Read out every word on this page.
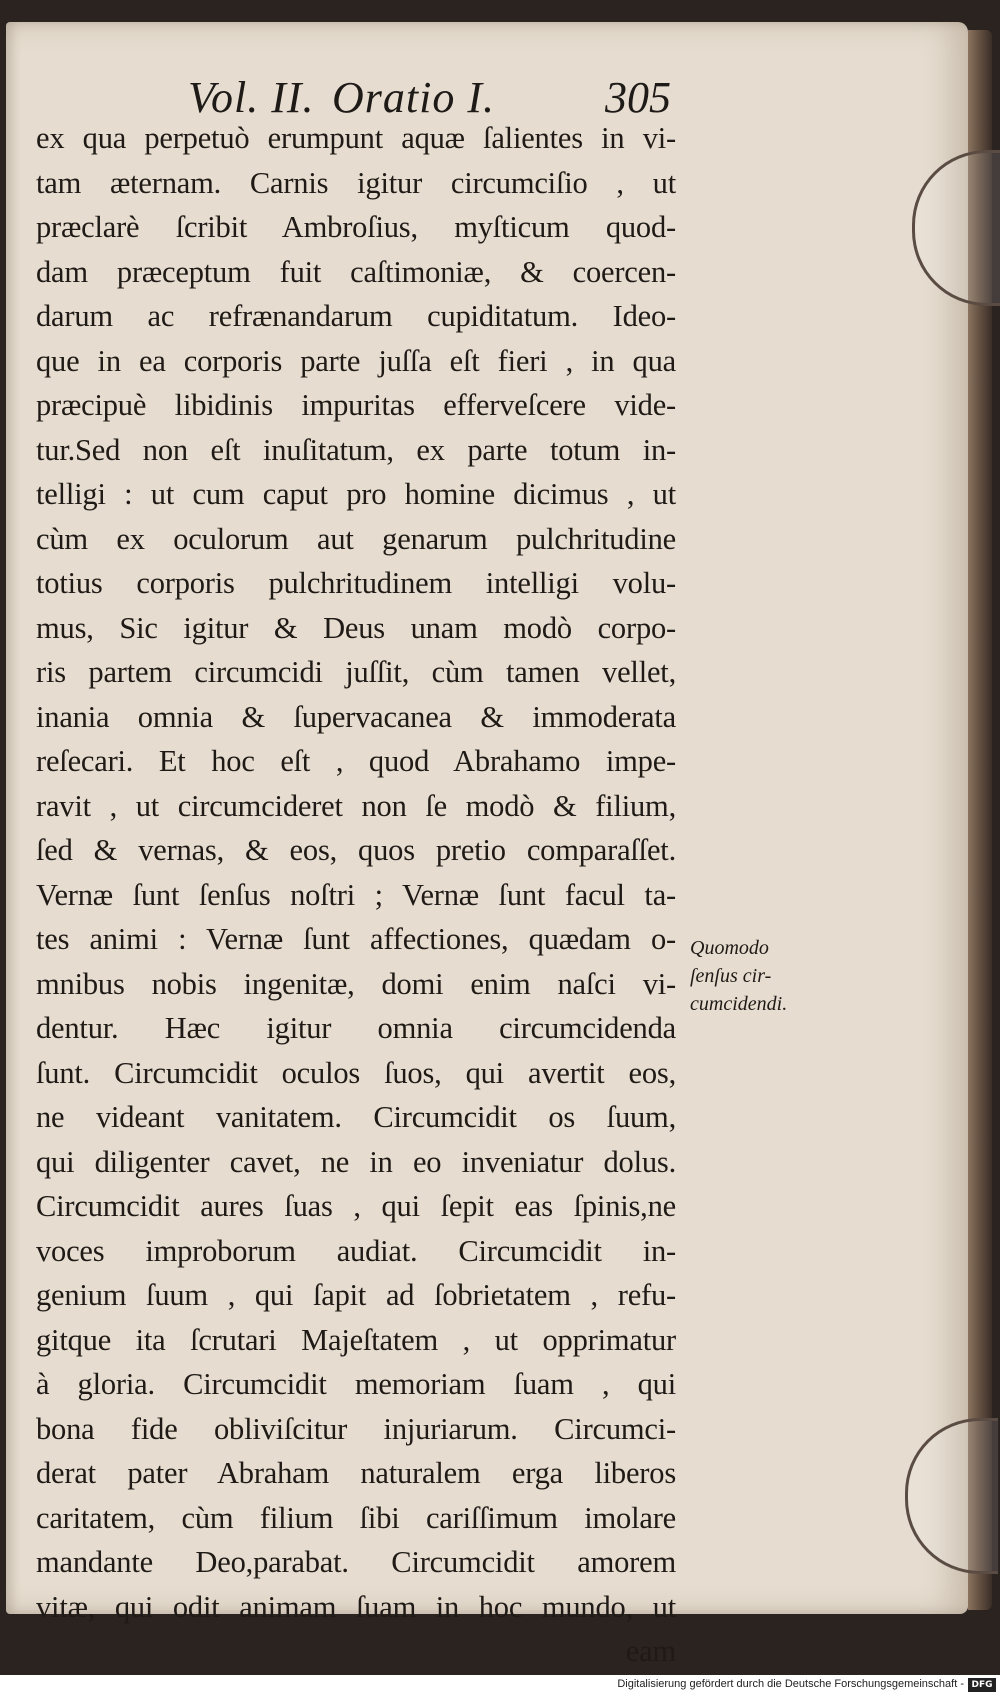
Vol. II. Oratio I.	305
ex qua perpetuò erumpunt aquæ ſalientes in vi-
tam æternam. Carnis igitur circumciſio , ut
præclarè ſcribit Ambroſius, myſticum quod-
dam præceptum fuit caſtimoniæ, & coercen-
darum ac refrænandarum cupiditatum. Ideo-
que in ea corporis parte juſſa eſt fieri , in qua
præcipuè libidinis impuritas efferveſcere vide-
tur.Sed non eſt inuſitatum, ex parte totum in-
telligi : ut cum caput pro homine dicimus , ut
cùm ex oculorum aut genarum pulchritudine
totius corporis pulchritudinem intelligi volu-
mus, Sic igitur & Deus unam modò corpo-
ris partem circumcidi juſſit, cùm tamen vellet,
inania omnia & ſupervacanea & immoderata
reſecari. Et hoc eſt , quod Abrahamo impe-
ravit , ut circumcideret non ſe modò & filium,
ſed & vernas, & eos, quos pretio comparaſſet.
Vernæ ſunt ſenſus noſtri ; Vernæ ſunt facul ta-
tes animi : Vernæ ſunt affectiones, quædam o-
mnibus nobis ingenitæ, domi enim naſci vi-
dentur. Hæc igitur omnia circumcidenda
ſunt. Circumcidit oculos ſuos, qui avertit eos,
ne videant vanitatem. Circumcidit os ſuum,
qui diligenter cavet, ne in eo inveniatur dolus.
Circumcidit aures ſuas , qui ſepit eas ſpinis,ne
voces improborum audiat. Circumcidit in-
genium ſuum , qui ſapit ad ſobrietatem , refu-
gitque ita ſcrutari Majeſtatem , ut opprimatur
à gloria. Circumcidit memoriam ſuam , qui
bona fide obliviſcitur injuriarum. Circumci-
derat pater Abraham naturalem erga liberos
caritatem, cùm filium ſibi cariſſimum imolare
mandante Deo,parabat. Circumcidit amorem
vitæ, qui odit animam ſuam in hoc mundo, ut
eam
Quomodo
ſenſus cir-
cumcidendi.
Digitalisierung gefördert durch die Deutsche Forschungsgemeinschaft - DFG
